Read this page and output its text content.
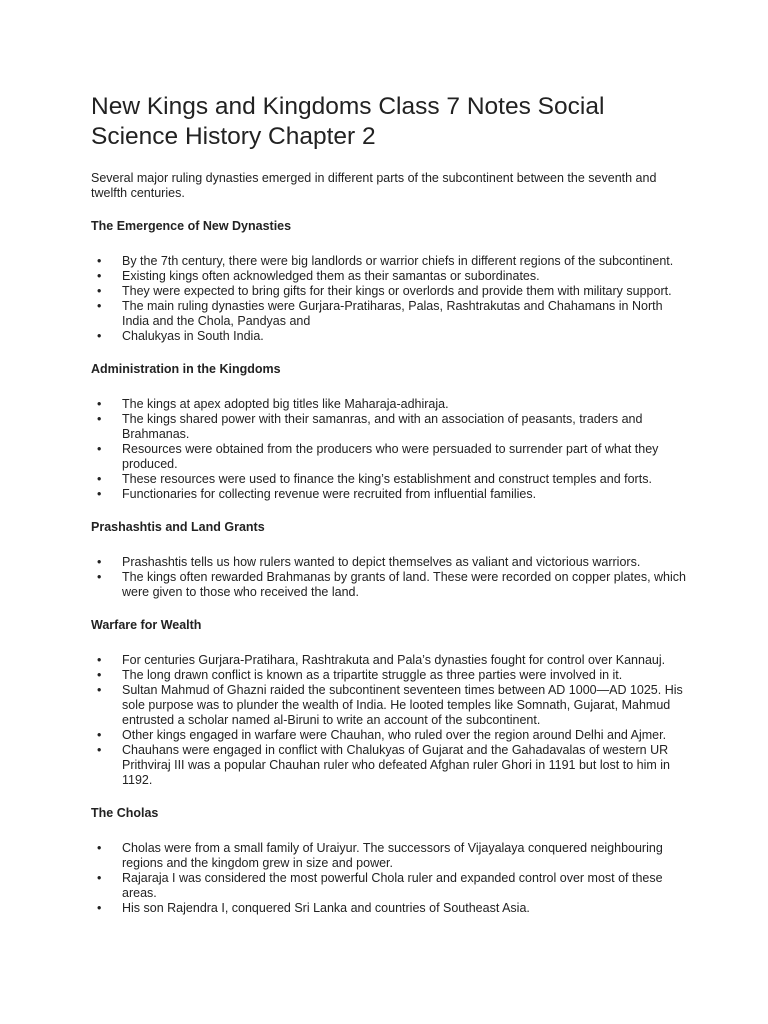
New Kings and Kingdoms Class 7 Notes Social Science History Chapter 2

Several major ruling dynasties emerged in different parts of the subcontinent between the seventh and twelfth centuries.

The Emergence of New Dynasties
• By the 7th century, there were big landlords or warrior chiefs in different regions of the subcontinent.
• Existing kings often acknowledged them as their samantas or subordinates.
• They were expected to bring gifts for their kings or overlords and provide them with military support.
• The main ruling dynasties were Gurjara-Pratiharas, Palas, Rashtrakutas and Chahamans in North India and the Chola, Pandyas and
• Chalukyas in South India.
Administration in the Kingdoms
• The kings at apex adopted big titles like Maharaja-adhiraja.
• The kings shared power with their samanras, and with an association of peasants, traders and Brahmanas.
• Resources were obtained from the producers who were persuaded to surrender part of what they produced.
• These resources were used to finance the king’s establishment and construct temples and forts.
• Functionaries for collecting revenue were recruited from influential families.
Prashashtis and Land Grants
• Prashashtis tells us how rulers wanted to depict themselves as valiant and victorious warriors.
• The kings often rewarded Brahmanas by grants of land. These were recorded on copper plates, which were given to those who received the land.
Warfare for Wealth
• For centuries Gurjara-Pratihara, Rashtrakuta and Pala’s dynasties fought for control over Kannauj.
• The long drawn conflict is known as a tripartite struggle as three parties were involved in it.
• Sultan Mahmud of Ghazni raided the subcontinent seventeen times between AD 1000—AD 1025. His sole purpose was to plunder the wealth of India. He looted temples like Somnath, Gujarat, Mahmud entrusted a scholar named al-Biruni to write an account of the subcontinent.
• Other kings engaged in warfare were Chauhan, who ruled over the region around Delhi and Ajmer.
• Chauhans were engaged in conflict with Chalukyas of Gujarat and the Gahadavalas of western UR Prithviraj III was a popular Chauhan ruler who defeated Afghan ruler Ghori in 1191 but lost to him in 1192.
The Cholas
• Cholas were from a small family of Uraiyur. The successors of Vijayalaya conquered neighbouring regions and the kingdom grew in size and power.
• Rajaraja I was considered the most powerful Chola ruler and expanded control over most of these areas.
• His son Rajendra I, conquered Sri Lanka and countries of Southeast Asia.
